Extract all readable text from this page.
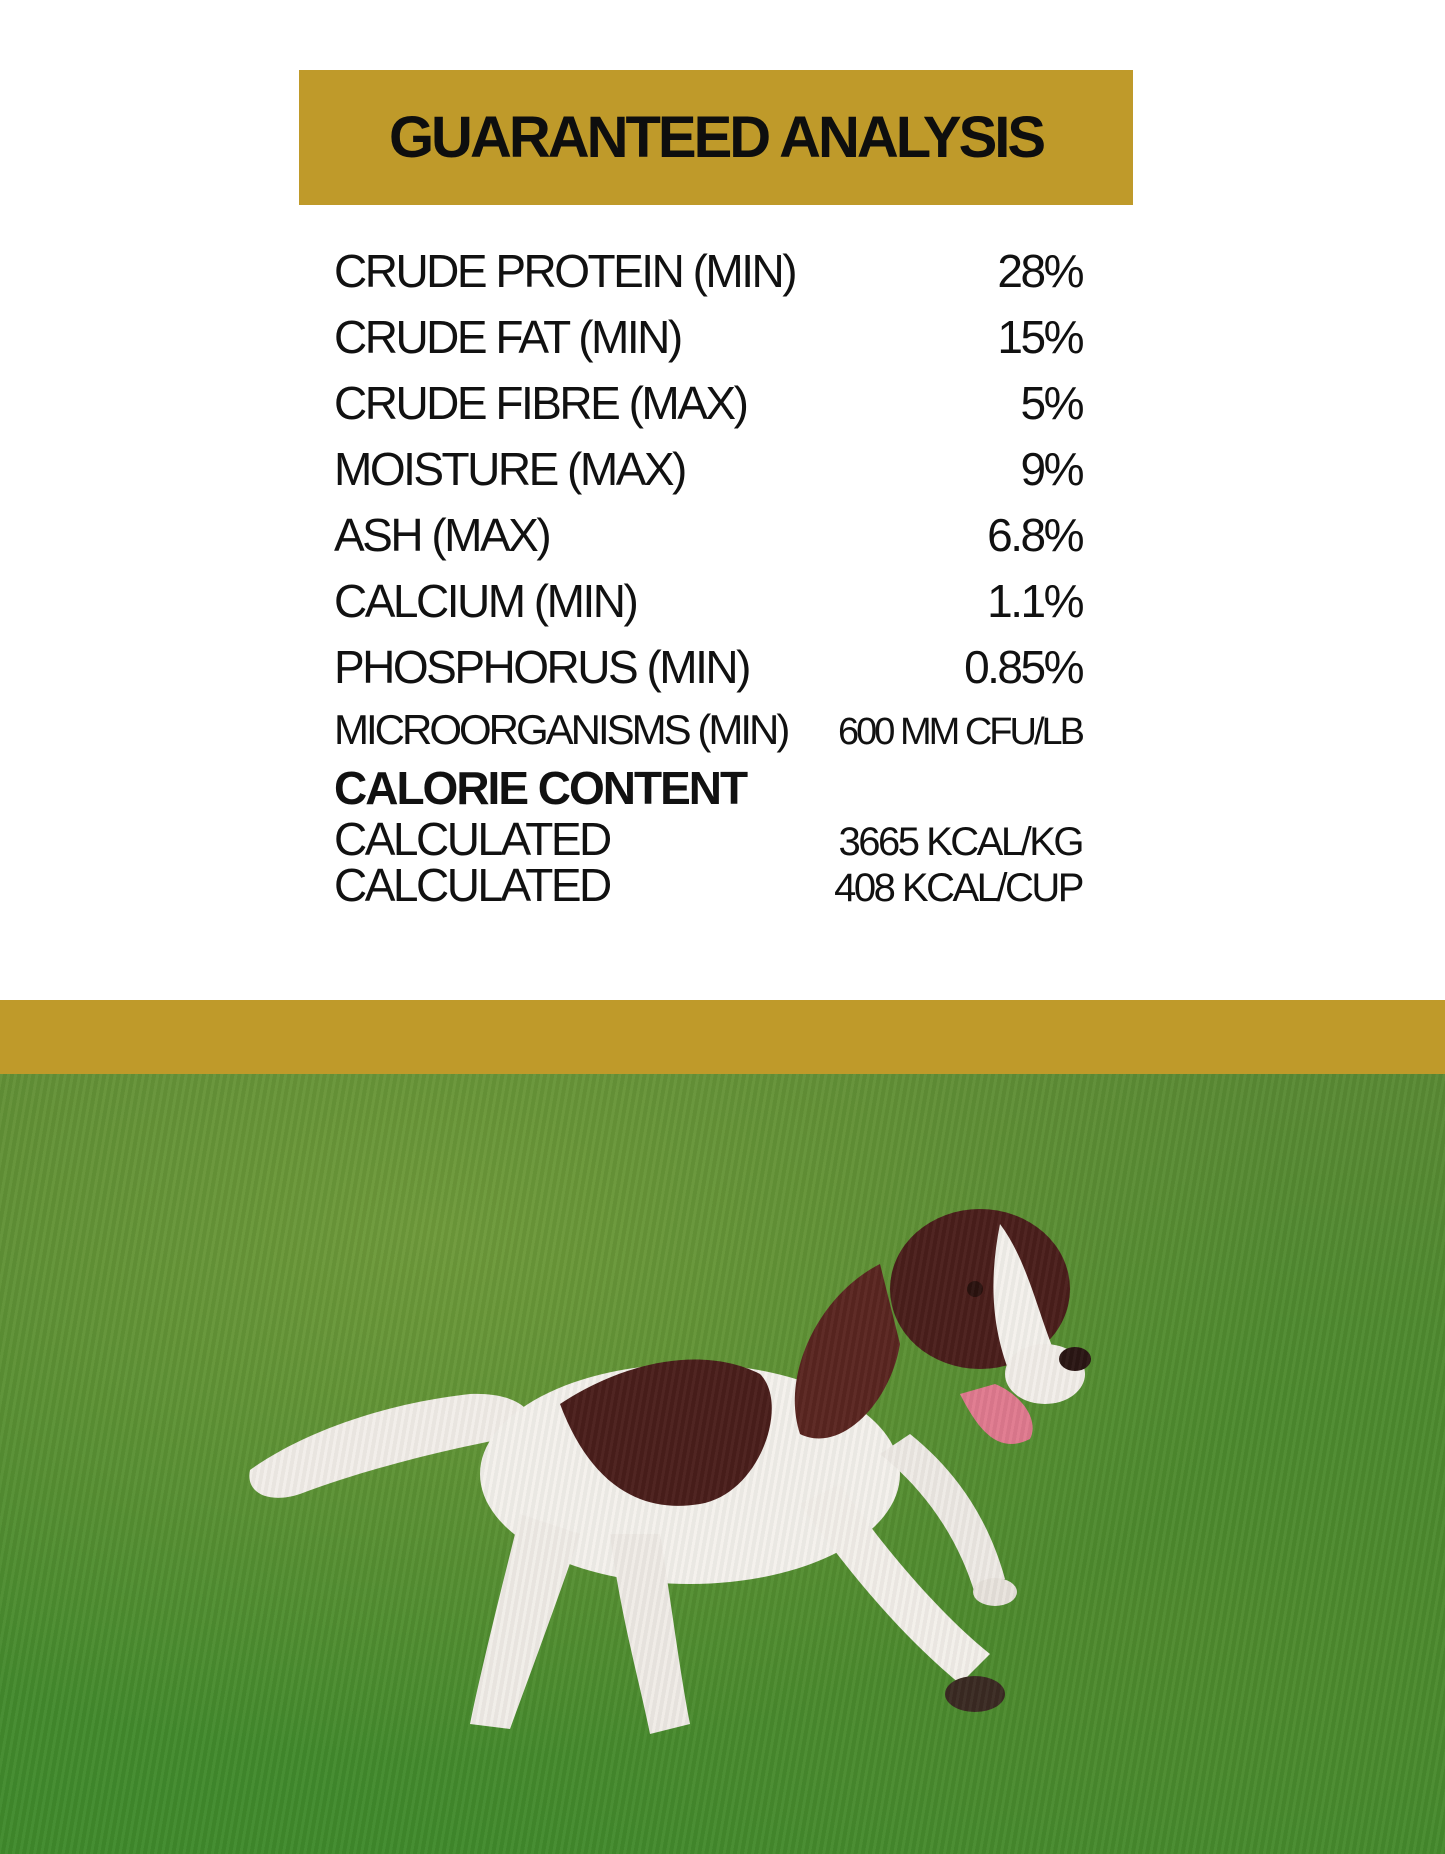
GUARANTEED ANALYSIS
CRUDE PROTEIN (MIN)	28%
CRUDE FAT (MIN)	15%
CRUDE FIBRE (MAX)	5%
MOISTURE (MAX)	9%
ASH (MAX)	6.8%
CALCIUM (MIN)	1.1%
PHOSPHORUS (MIN)	0.85%
MICROORGANISMS (MIN) 600 MM CFU/LB
CALORIE CONTENT
CALCULATED	3665 KCAL/KG
CALCULATED	408 KCAL/CUP
